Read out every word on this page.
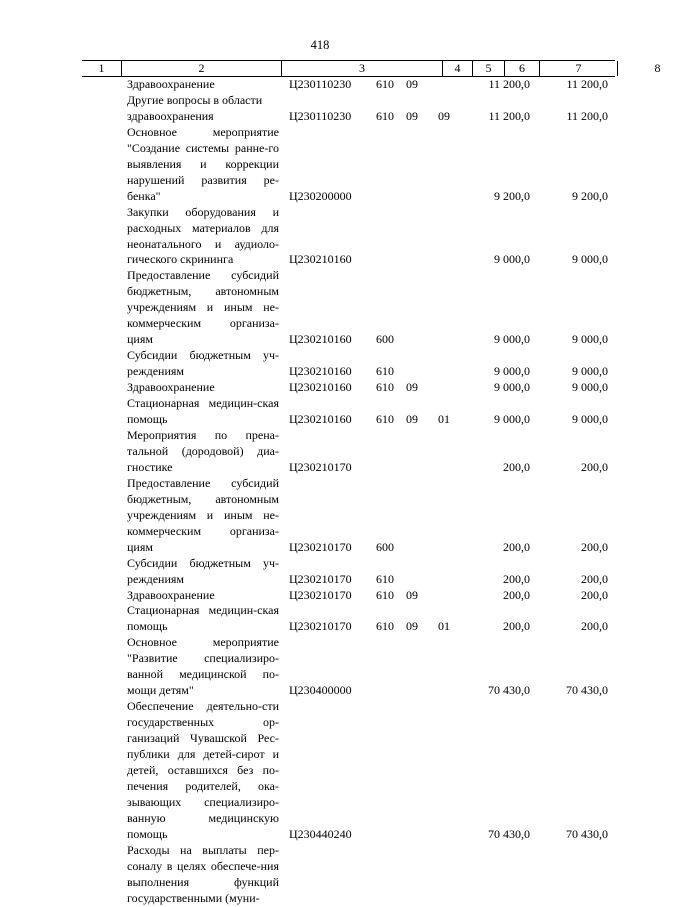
418
1	2	3	4	5	6	7	8
Здравоохранение	Ц230110230 610 09	11 200,0	11 200,0
Другие вопросы в области
здравоохранения	Ц230110230 610 09 09	11 200,0	11 200,0
Основное мероприятие "Создание системы ранне-го выявления и коррекции нарушений развития ре-бенка"	Ц230200000	9 200,0	9 200,0
Закупки оборудования и расходных материалов для неонатального и аудиоло-гического скрининга	Ц230210160	9 000,0	9 000,0
Предоставление субсидий бюджетным, автономным учреждениям и иным не-коммерческим организа-циям	Ц230210160 600	9 000,0	9 000,0
Субсидии бюджетным уч-реждениям	Ц230210160 610	9 000,0	9 000,0
Здравоохранение	Ц230210160 610 09	9 000,0	9 000,0
Стационарная медицин-ская помощь	Ц230210160 610 09 01	9 000,0	9 000,0
Мероприятия по прена-тальной (дородовой) диа-гностике	Ц230210170	200,0	200,0
Предоставление субсидий бюджетным, автономным учреждениям и иным не-коммерческим организа-циям	Ц230210170 600	200,0	200,0
Субсидии бюджетным уч-реждениям	Ц230210170 610	200,0	200,0
Здравоохранение	Ц230210170 610 09	200,0	200,0
Стационарная медицин-ская помощь	Ц230210170 610 09 01	200,0	200,0
Основное мероприятие "Развитие специализиро-ванной медицинской по-мощи детям"	Ц230400000	70 430,0	70 430,0
Обеспечение деятельно-сти государственных ор-ганизаций Чувашской Рес-публики для детей-сирот и детей, оставшихся без по-печения родителей, ока-зывающих специализиро-ванную медицинскую помощь	Ц230440240	70 430,0	70 430,0
Расходы на выплаты пер-соналу в целях обеспече-ния выполнения функций государственными (муни-
